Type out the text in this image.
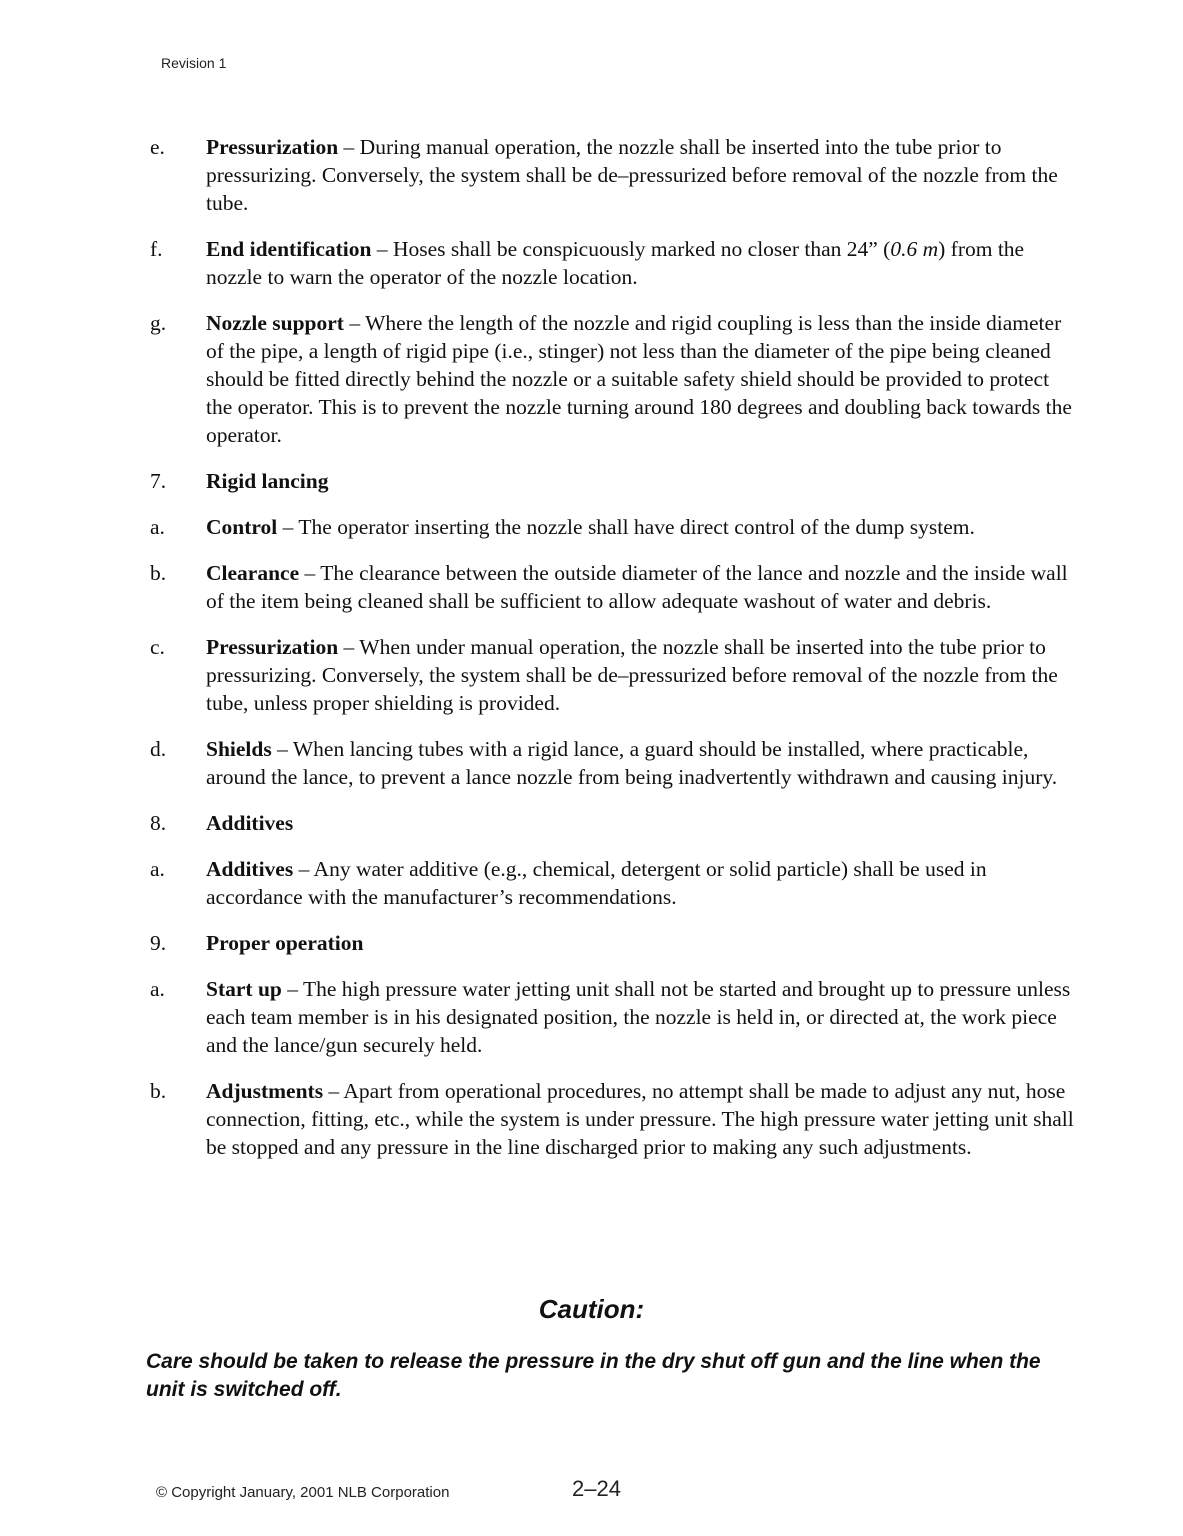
Revision 1
e.	Pressurization – During manual operation, the nozzle shall be inserted into the tube prior to pressurizing. Conversely, the system shall be de–pressurized before removal of the nozzle from the tube.
f.	End identification – Hoses shall be conspicuously marked no closer than 24” (0.6 m) from the nozzle to warn the operator of the nozzle location.
g.	Nozzle support – Where the length of the nozzle and rigid coupling is less than the inside diameter of the pipe, a length of rigid pipe (i.e., stinger) not less than the diameter of the pipe being cleaned should be fitted directly behind the nozzle or a suitable safety shield should be provided to protect the operator. This is to prevent the nozzle turning around 180 degrees and doubling back towards the operator.
7.	Rigid lancing
a.	Control – The operator inserting the nozzle shall have direct control of the dump system.
b.	Clearance – The clearance between the outside diameter of the lance and nozzle and the inside wall of the item being cleaned shall be sufficient to allow adequate washout of water and debris.
c.	Pressurization – When under manual operation, the nozzle shall be inserted into the tube prior to pressurizing. Conversely, the system shall be de–pressurized before removal of the nozzle from the tube, unless proper shielding is provided.
d.	Shields – When lancing tubes with a rigid lance, a guard should be installed, where practicable, around the lance, to prevent a lance nozzle from being inadvertently withdrawn and causing injury.
8.	Additives
a.	Additives – Any water additive (e.g., chemical, detergent or solid particle) shall be used in accordance with the manufacturer’s recommendations.
9.	Proper operation
a.	Start up – The high pressure water jetting unit shall not be started and brought up to pressure unless each team member is in his designated position, the nozzle is held in, or directed at, the work piece and the lance/gun securely held.
b.	Adjustments – Apart from operational procedures, no attempt shall be made to adjust any nut, hose connection, fitting, etc., while the system is under pressure. The high pressure water jetting unit shall be stopped and any pressure in the line discharged prior to making any such adjustments.
Caution:
Care should be taken to release the pressure in the dry shut off gun and the line when the unit is switched off.
© Copyright January, 2001 NLB Corporation	2–24
